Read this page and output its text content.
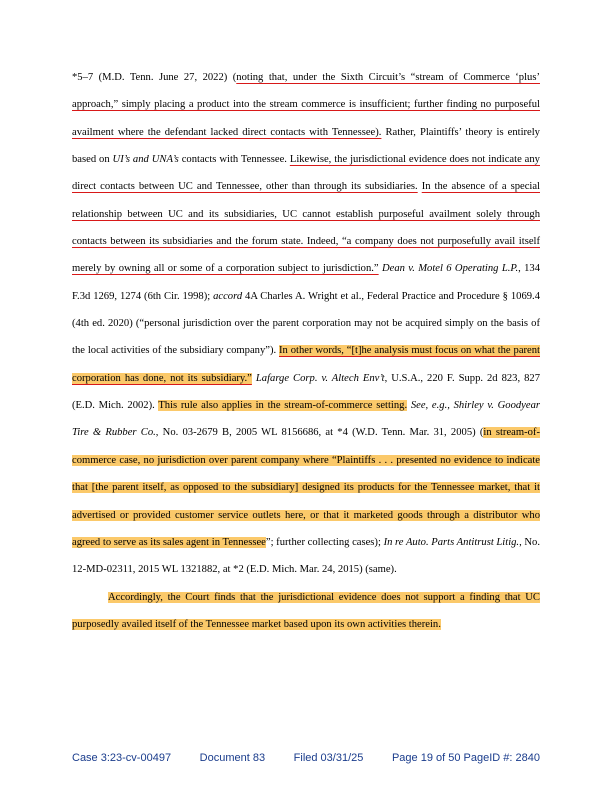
*5–7 (M.D. Tenn. June 27, 2022) (noting that, under the Sixth Circuit’s “stream of Commerce ‘plus’ approach,” simply placing a product into the stream commerce is insufficient; further finding no purposeful availment where the defendant lacked direct contacts with Tennessee). Rather, Plaintiffs’ theory is entirely based on UI’s and UNA’s contacts with Tennessee. Likewise, the jurisdictional evidence does not indicate any direct contacts between UC and Tennessee, other than through its subsidiaries. In the absence of a special relationship between UC and its subsidiaries, UC cannot establish purposeful availment solely through contacts between its subsidiaries and the forum state. Indeed, “a company does not purposefully avail itself merely by owning all or some of a corporation subject to jurisdiction.” Dean v. Motel 6 Operating L.P., 134 F.3d 1269, 1274 (6th Cir. 1998); accord 4A Charles A. Wright et al., Federal Practice and Procedure § 1069.4 (4th ed. 2020) (“personal jurisdiction over the parent corporation may not be acquired simply on the basis of the local activities of the subsidiary company”). In other words, “[t]he analysis must focus on what the parent corporation has done, not its subsidiary.” Lafarge Corp. v. Altech Env’t, U.S.A., 220 F. Supp. 2d 823, 827 (E.D. Mich. 2002). This rule also applies in the stream-of-commerce setting. See, e.g., Shirley v. Goodyear Tire & Rubber Co., No. 03-2679 B, 2005 WL 8156686, at *4 (W.D. Tenn. Mar. 31, 2005) (in stream-of-commerce case, no jurisdiction over parent company where “Plaintiffs . . . presented no evidence to indicate that [the parent itself, as opposed to the subsidiary] designed its products for the Tennessee market, that it advertised or provided customer service outlets here, or that it marketed goods through a distributor who agreed to serve as its sales agent in Tennessee”; further collecting cases); In re Auto. Parts Antitrust Litig., No. 12-MD-02311, 2015 WL 1321882, at *2 (E.D. Mich. Mar. 24, 2015) (same).

Accordingly, the Court finds that the jurisdictional evidence does not support a finding that UC purposedly availed itself of the Tennessee market based upon its own activities therein.

Case 3:23-cv-00497	Document 83	Filed 03/31/25	Page 19 of 50 PageID #: 2840
